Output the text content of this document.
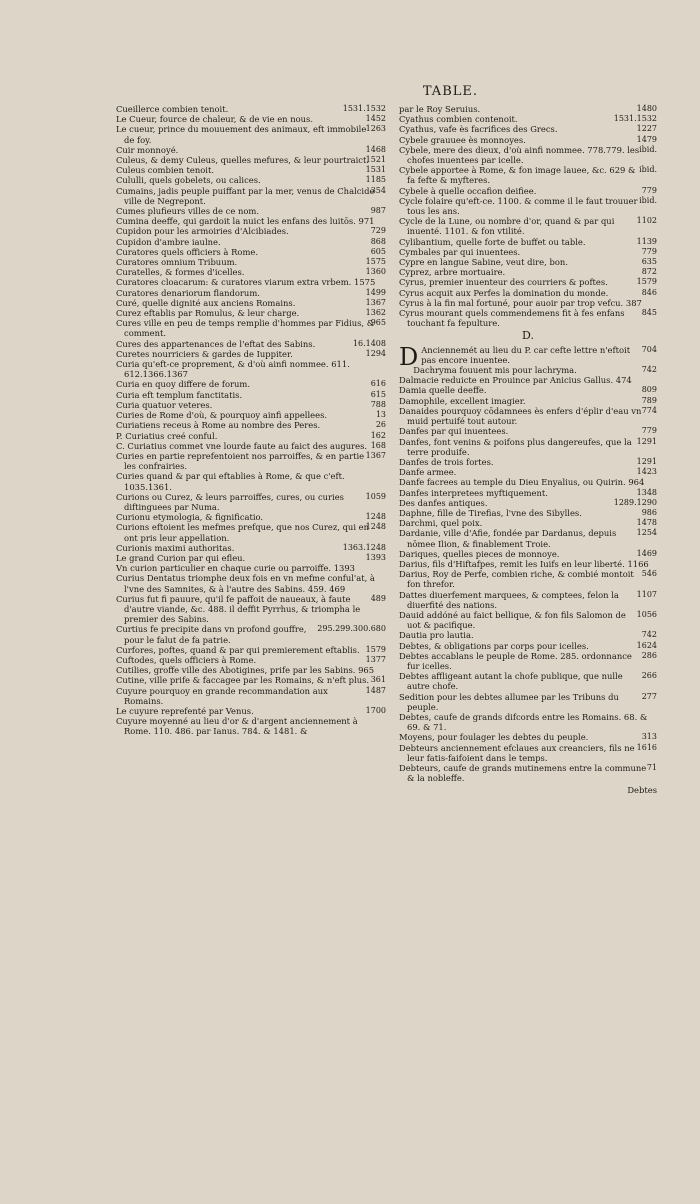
TABLE.

1531.1532
Cueillerce combien tenoit.

1452
Le Cueur, fource de chaleur, & de vie en nous.

1263
Le cueur, prince du mouuement des animaux, eft immobile de foy.

1468
Cuir monnoyé.

1521
Culeus, & demy Culeus, quelles mefures, & leur pourtraict.

1531
Culeus combien tenoit.

1185
Cululli, quels gobelets, ou calices.

354
Cumains, jadis peuple puiffant par la mer, venus de Chalcide ville de Negrepont.

987
Cumes plufieurs villes de ce nom.

Cumina deeffe, qui gardoit la nuict les enfans des luitōs. 971

729
Cupidon pour les armoiries d'Alcibiades.

868
Cupidon d'ambre iaulne.

605
Curatores quels officiers à Rome.

1575
Curatores omnium Tribuum.

1360
Curatelles, & formes d'icelles.

Curatores cloacarum: & curatores viarum extra vrbem. 1575

1499
Curatores denariorum flandorum.

1367
Curé, quelle dignité aux anciens Romains.

1362
Curez eftablis par Romulus, & leur charge.

965
Cures ville en peu de temps remplie d'hommes par Fidius, & comment.

16.1408
Cures des appartenances de l'eftat des Sabins.

1294
Curetes nourriciers & gardes de Iuppiter.

Curia qu'eft-ce proprement, & d'où ainfi nommee. 611. 612.1366.1367

616
Curia en quoy differe de forum.

615
Curia eft templum fanctitatis.

788
Curia quatuor veteres.

13
Curies de Rome d'où, & pourquoy ainfi appellees.

26
Curiatiens receus à Rome au nombre des Peres.

162
P. Curiatius creé conful.

168
C. Curiatius commet vne lourde faute au faict des augures.

1367
Curies en partie reprefentoient nos parroiffes, & en partie les confrairies.

Curies quand & par qui eftablies à Rome, & que c'eft. 1035.1361.

1059
Curions ou Curez, & leurs parroiffes, cures, ou curies diftinguees par Numa.

1248
Curionu etymologia, & fignificatio.

1248
Curions eftoient les mefmes prefque, que nos Curez, qui en ont pris leur appellation.

1363.1248
Curionis maximi authoritas.

1393
Le grand Curion par qui efleu.

Vn curion particulier en chaque curie ou parroiffe. 1393

Curius Dentatus triomphe deux fois en vn mefme conful'at, à l'vne des Samnites, & à l'autre des Sabins. 459. 469

489
Curius fut fi pauure, qu'il fe paffoit de naueaux, à faute d'autre viande, &c. 488. il deffit Pyrrhus, & triompha le premier des Sabins.

295.299.300.680
Curtius fe precipite dans vn profond gouffre, pour le falut de fa patrie.

1579
Curfores, poftes, quand & par qui premierement eftablis.

1377
Cuftodes, quels officiers à Rome.

Cutilies, groffe ville des Abotigines, prife par les Sabins. 965

361
Cutine, ville prife & faccagee par les Romains, & n'eft plus.

1487
Cuyure pourquoy en grande recommandation aux Romains.

1700
Le cuyure reprefenté par Venus.

Cuyure moyenné au lieu d'or & d'argent anciennement à Rome. 110. 486. par Ianus. 784. & 1481. &

1480
par le Roy Seruius.

1531.1532
Cyathus combien contenoit.

1227
Cyathus, vafe ès facrifices des Grecs.

1479
Cybele grauuee ès monnoyes.

ibid.
Cybele, mere des dieux, d'où ainfi nommee. 778.779. les chofes inuentees par icelle.

ibid.
Cybele apportee à Rome, & fon image lauee, &c. 629 & fa fefte & myfteres.

779
Cybele à quelle occafion deifiee.

ibid.
Cycle folaire qu'eft-ce. 1100. & comme il le faut trouuer tous les ans.

1102
Cycle de la Lune, ou nombre d'or, quand & par qui inuenté. 1101. & fon vtilité.

1139
Cylibantium, quelle forte de buffet ou table.

779
Cymbales par qui inuentees.

635
Cypre en langue Sabine, veut dire, bon.

872
Cyprez, arbre mortuaire.

1579
Cyrus, premier inuenteur des courriers & poftes.

846
Cyrus acquit aux Perfes la domination du monde.

Cyrus à la fin mal fortuné, pour auoir par trop vefcu. 387

845
Cyrus mourant quels commendemens fit à fes enfans touchant fa fepulture.

D.

D	704
Anciennemét au lieu du P. car cefte lettre n'eftoit pas encore inuentee.

742
Dachryma fouuent mis pour lachryma.

Dalmacie reduicte en Prouince par Anicius Gallus. 474

809
Damia quelle deeffe.

789
Damophile, excellent imagier.

774
Danaides pourquoy cōdamnees ès enfers d'éplir d'eau vn muid pertuifé tout autour.

779
Danfes par qui inuentees.

1291
Danfes, font venins & poifons plus dangereufes, que la terre produife.

1291
Danfes de trois fortes.

1423
Danfe armee.

Danfe facrees au temple du Dieu Enyalius, ou Quirin. 964

1348
Danfes interpretees myftiquement.

1289.1290
Des danfes antiques.

986
Daphne, fille de Tirefias, l'vne des Sibylles.

1478
Darchmi, quel poix.

1254
Dardanie, ville d'Afie, fondée par Dardanus, depuis nōmee Ilion, & finablement Troie.

1469
Dariques, quelles pieces de monnoye.

Darius, fils d'Hiftafpes, remit les Iuifs en leur liberté. 1166

546
Darius, Roy de Perfe, combien riche, & combié montoit fon threfor.

1107
Dattes diuerfement marquees, & comptees, felon la diuerfité des nations.

1056
Dauid addóné au faict bellique, & fon fils Salomon de uot & pacifique.

742
Dautia pro lautia.

1624
Debtes, & obligations par corps pour icelles.

286
Debtes accablans le peuple de Rome. 285. ordonnance fur icelles.

266
Debtes affligeant autant la chofe publique, que nulle autre chofe.

277
Sedition pour les debtes allumee par les Tribuns du peuple.

Debtes, caufe de grands difcords entre les Romains. 68. & 69. & 71.

313
Moyens, pour foulager les debtes du peuple.

1616
Debteurs anciennement efclaues aux creanciers, fils ne leur fatis-faifoient dans le temps.

71
Debteurs, caufe de grands mutinemens entre la commune & la nobleffe.

Debtes
